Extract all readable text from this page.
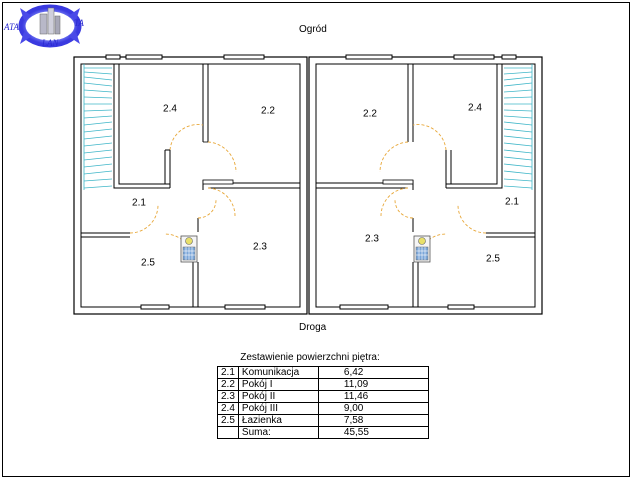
ATA	TA
LAN
Ogród
Droga
2.4	2.2
2.1
2.3
2.5
2.2
2.4
2.1
2.3
2.5
Zestawienie powierzchni piętra:
2.1	Komunikacja	6,42
2.2	Pokój I	11,09
2.3	Pokój II	11,46
2.4	Pokój III	9,00
2.5	Łazienka	7,58
	Suma:	45,55
